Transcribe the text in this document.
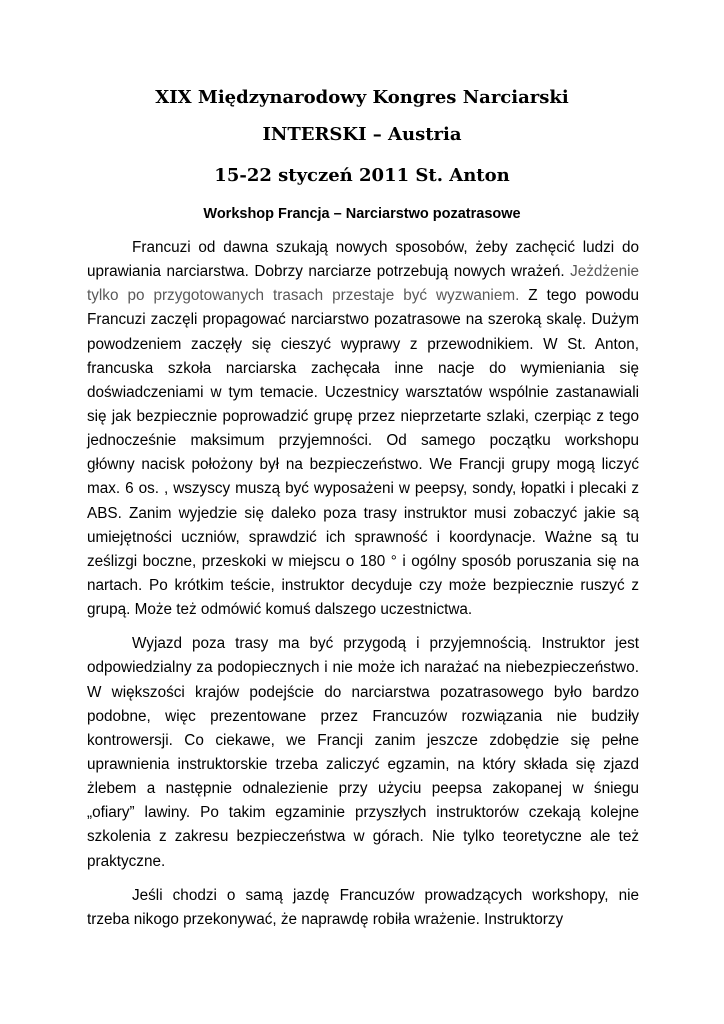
XIX Międzynarodowy Kongres Narciarski
INTERSKI – Austria
15-22 styczeń 2011 St. Anton
Workshop Francja – Narciarstwo pozatrasowe

Francuzi od dawna szukają nowych sposobów, żeby zachęcić ludzi do
uprawiania narciarstwa. Dobrzy narciarze potrzebują nowych wrażeń. Jeżdżenie
tylko po przygotowanych trasach przestaje być wyzwaniem. Z tego powodu
Francuzi zaczęli propagować narciarstwo pozatrasowe na szeroką skalę. Dużym
powodzeniem zaczęły się cieszyć wyprawy z przewodnikiem. W St. Anton,
francuska szkoła narciarska zachęcała inne nacje do wymieniania się
doświadczeniami w tym temacie. Uczestnicy warsztatów wspólnie zastanawiali
się jak bezpiecznie poprowadzić grupę przez nieprzetarte szlaki, czerpiąc z tego
jednocześnie maksimum przyjemności. Od samego początku workshopu
główny nacisk położony był na bezpieczeństwo. We Francji grupy mogą liczyć
max. 6 os. , wszyscy muszą być wyposażeni w peepsy, sondy, łopatki i plecaki z
ABS. Zanim wyjedzie się daleko poza trasy instruktor musi zobaczyć jakie są
umiejętności uczniów, sprawdzić ich sprawność i koordynacje. Ważne są tu
ześlizgi boczne, przeskoki w miejscu o 180 ° i ogólny sposób poruszania się na
nartach. Po krótkim teście, instruktor decyduje czy może bezpiecznie ruszyć z
grupą. Może też odmówić komuś dalszego uczestnictwa.

Wyjazd poza trasy ma być przygodą i przyjemnością. Instruktor jest
odpowiedzialny za podopiecznych i nie może ich narażać na niebezpieczeństwo.
W większości krajów podejście do narciarstwa pozatrasowego było bardzo
podobne, więc prezentowane przez Francuzów rozwiązania nie budziły
kontrowersji. Co ciekawe, we Francji zanim jeszcze zdobędzie się pełne
uprawnienia instruktorskie trzeba zaliczyć egzamin, na który składa się zjazd
żlebem a następnie odnalezienie przy użyciu peepsa zakopanej w śniegu
„ofiary” lawiny. Po takim egzaminie przyszłych instruktorów czekają kolejne
szkolenia z zakresu bezpieczeństwa w górach. Nie tylko teoretyczne ale też
praktyczne.

Jeśli chodzi o samą jazdę Francuzów prowadzących workshopy, nie
trzeba nikogo przekonywać, że naprawdę robiła wrażenie. Instruktorzy
